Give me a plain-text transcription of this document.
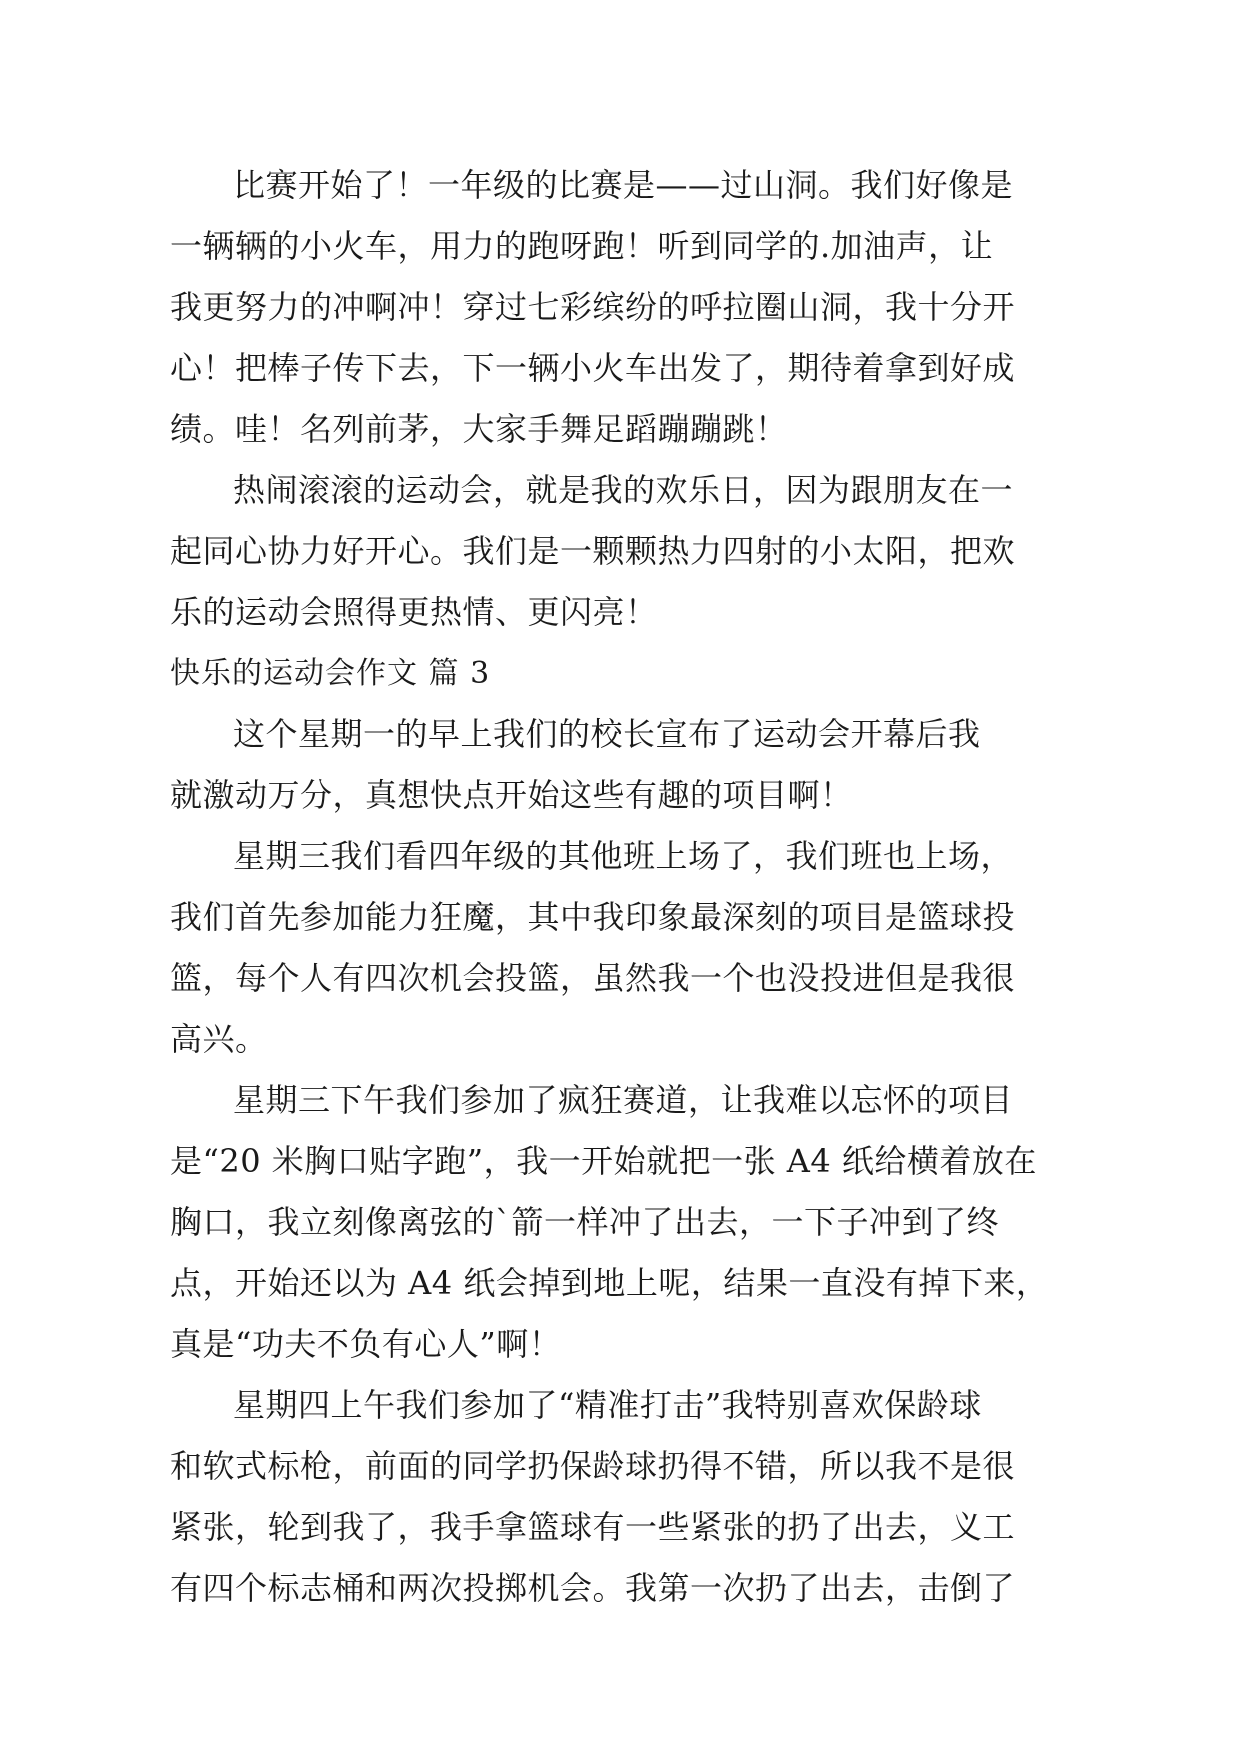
比赛开始了！一年级的比赛是——过山洞。我们好像是
一辆辆的小火车，用力的跑呀跑！听到同学的.加油声，让
我更努力的冲啊冲！穿过七彩缤纷的呼拉圈山洞，我十分开
心！把棒子传下去，下一辆小火车出发了，期待着拿到好成
绩。哇！名列前茅，大家手舞足蹈蹦蹦跳！
热闹滚滚的运动会，就是我的欢乐日，因为跟朋友在一
起同心协力好开心。我们是一颗颗热力四射的小太阳，把欢
乐的运动会照得更热情、更闪亮！
快乐的运动会作文 篇 3
这个星期一的早上我们的校长宣布了运动会开幕后我
就激动万分，真想快点开始这些有趣的项目啊！
星期三我们看四年级的其他班上场了，我们班也上场，
我们首先参加能力狂魔，其中我印象最深刻的项目是篮球投
篮，每个人有四次机会投篮，虽然我一个也没投进但是我很
高兴。
星期三下午我们参加了疯狂赛道，让我难以忘怀的项目
是“20 米胸口贴字跑”，我一开始就把一张 A4 纸给横着放在
胸口，我立刻像离弦的`箭一样冲了出去，一下子冲到了终
点，开始还以为 A4 纸会掉到地上呢，结果一直没有掉下来，
真是“功夫不负有心人”啊！
星期四上午我们参加了“精准打击”我特别喜欢保龄球
和软式标枪，前面的同学扔保龄球扔得不错，所以我不是很
紧张，轮到我了，我手拿篮球有一些紧张的扔了出去，义工
有四个标志桶和两次投掷机会。我第一次扔了出去，击倒了
